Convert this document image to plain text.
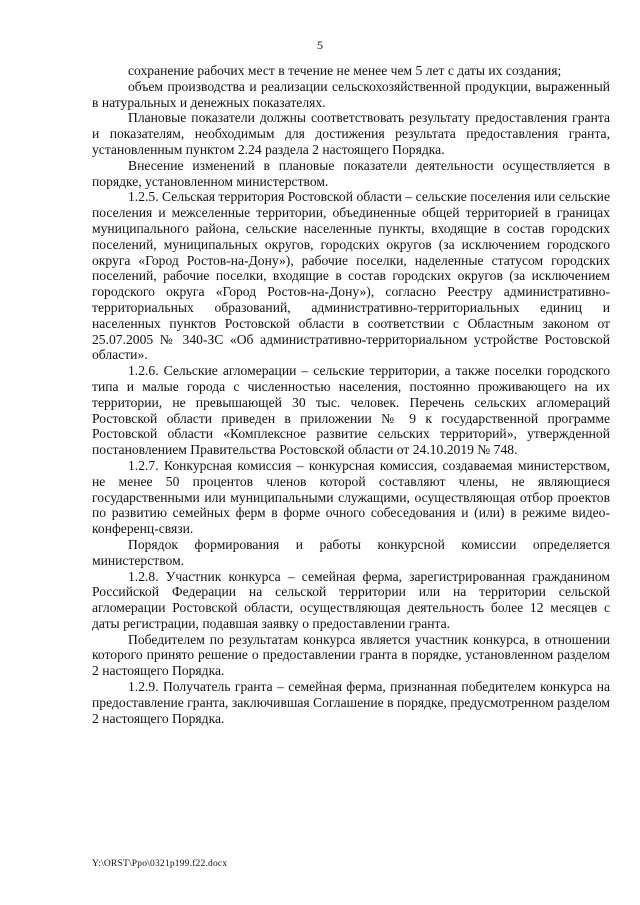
5

сохранение рабочих мест в течение не менее чем 5 лет с даты их создания;

объем производства и реализации сельскохозяйственной продукции, выраженный в натуральных и денежных показателях.

Плановые показатели должны соответствовать результату предоставления гранта и показателям, необходимым для достижения результата предоставления гранта, установленным пунктом 2.24 раздела 2 настоящего Порядка.

Внесение изменений в плановые показатели деятельности осуществляется в порядке, установленном министерством.

1.2.5. Сельская территория Ростовской области – сельские поселения или сельские поселения и межселенные территории, объединенные общей территорией в границах муниципального района, сельские населенные пункты, входящие в состав городских поселений, муниципальных округов, городских округов (за исключением городского округа «Город Ростов-на-Дону»), рабочие поселки, наделенные статусом городских поселений, рабочие поселки, входящие в состав городских округов (за исключением городского округа «Город Ростов-на-Дону»), согласно Реестру административно-территориальных образований, административно-территориальных единиц и населенных пунктов Ростовской области в соответствии с Областным законом от 25.07.2005 № 340-ЗС «Об административно-территориальном устройстве Ростовской области».

1.2.6. Сельские агломерации – сельские территории, а также поселки городского типа и малые города с численностью населения, постоянно проживающего на их территории, не превышающей 30 тыс. человек. Перечень сельских агломераций Ростовской области приведен в приложении № 9 к государственной программе Ростовской области «Комплексное развитие сельских территорий», утвержденной постановлением Правительства Ростовской области от 24.10.2019 № 748.

1.2.7. Конкурсная комиссия – конкурсная комиссия, создаваемая министерством, не менее 50 процентов членов которой составляют члены, не являющиеся государственными или муниципальными служащими, осуществляющая отбор проектов по развитию семейных ферм в форме очного собеседования и (или) в режиме видео-конференц-связи.

Порядок формирования и работы конкурсной комиссии определяется министерством.

1.2.8. Участник конкурса – семейная ферма, зарегистрированная гражданином Российской Федерации на сельской территории или на территории сельской агломерации Ростовской области, осуществляющая деятельность более 12 месяцев с даты регистрации, подавшая заявку о предоставлении гранта.

Победителем по результатам конкурса является участник конкурса, в отношении которого принято решение о предоставлении гранта в порядке, установленном разделом 2 настоящего Порядка.

1.2.9. Получатель гранта – семейная ферма, признанная победителем конкурса на предоставление гранта, заключившая Соглашение в порядке, предусмотренном разделом 2 настоящего Порядка.

Y:\ORST\Ppo\0321p199.f22.docx
